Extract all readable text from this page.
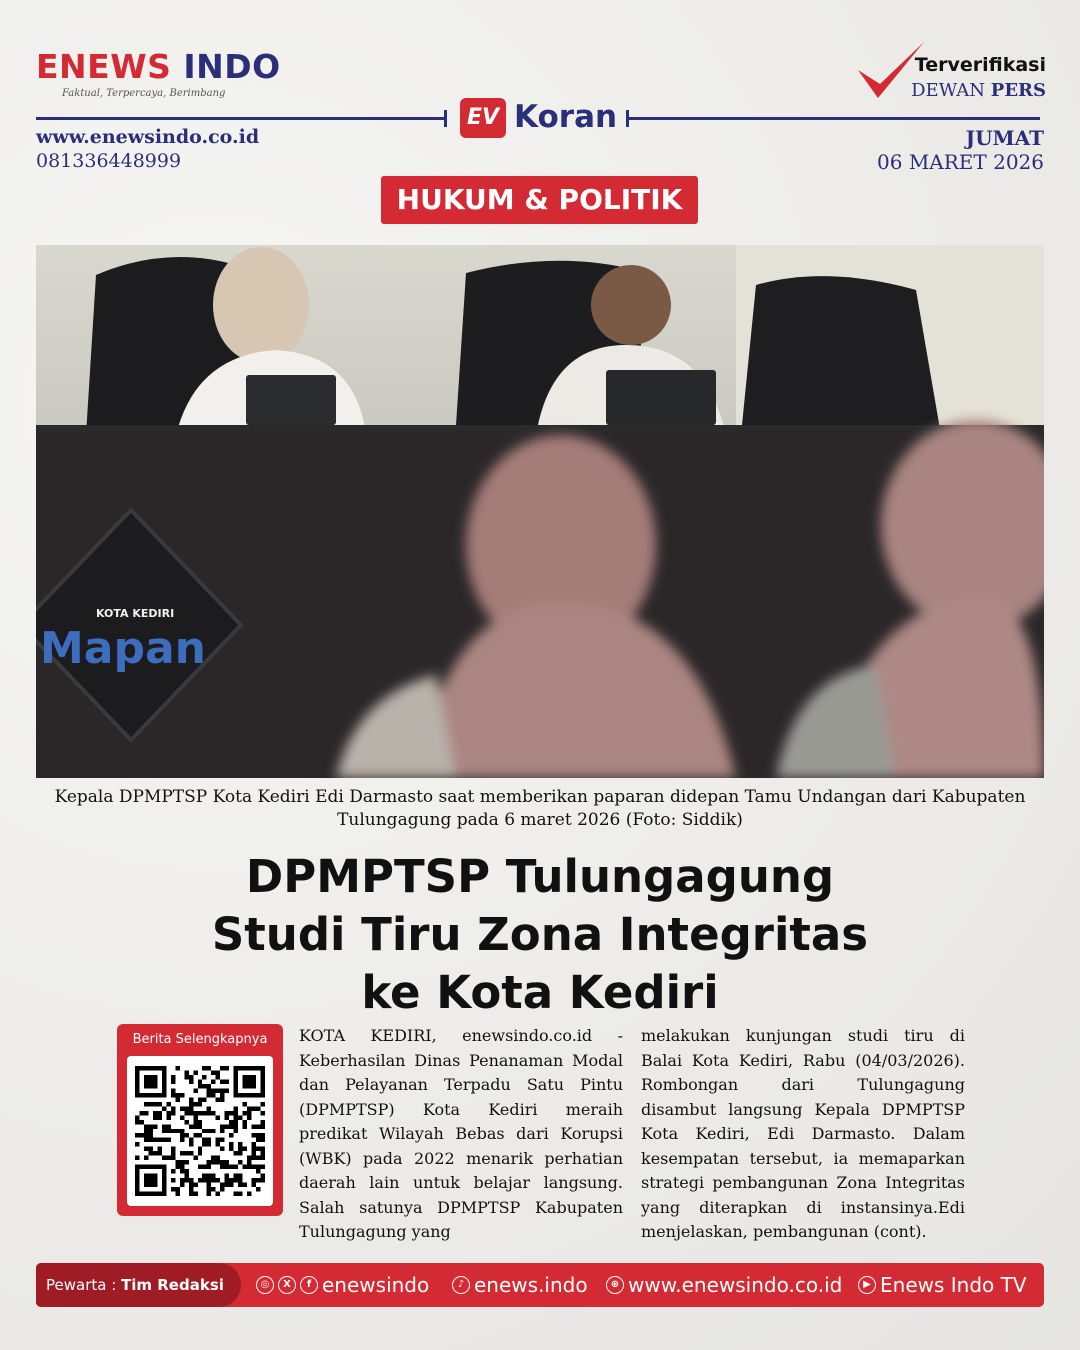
ENEWS INDO
Faktual, Terpercaya, Berimbang
Terverifikasi
DEWAN PERS
EV Koran
www.enewsindo.co.id
081336448999
JUMAT
06 MARET 2026
HUKUM & POLITIK
KOTA KEDIRI
Mapan
Kepala DPMPTSP Kota Kediri Edi Darmasto saat memberikan paparan didepan Tamu Undangan dari Kabupaten Tulungagung pada 6 maret 2026 (Foto: Siddik)
DPMPTSP Tulungagung
Studi Tiru Zona Integritas
ke Kota Kediri
Berita Selengkapnya	KOTA KEDIRI, enewsindo.co.id - Keberhasilan Dinas Penanaman Modal dan Pelayanan Terpadu Satu Pintu (DPMPTSP) Kota Kediri meraih predikat Wilayah Bebas dari Korupsi (WBK) pada 2022 menarik perhatian daerah lain untuk belajar langsung. Salah satunya DPMPTSP Kabupaten Tulungagung yang
melakukan kunjungan studi tiru di Balai Kota Kediri, Rabu (04/03/2026). Rombongan dari Tulungagung disambut langsung Kepala DPMPTSP Kota Kediri, Edi Darmasto. Dalam kesempatan tersebut, ia memaparkan strategi pembangunan Zona Integritas yang diterapkan di instansinya.Edi menjelaskan, pembangunan (cont).
Pewarta : Tim Redaksi	◎	X	f enewsindo	♪ enews.indo	⊕ www.enewsindo.co.id	▶ Enews Indo TV
